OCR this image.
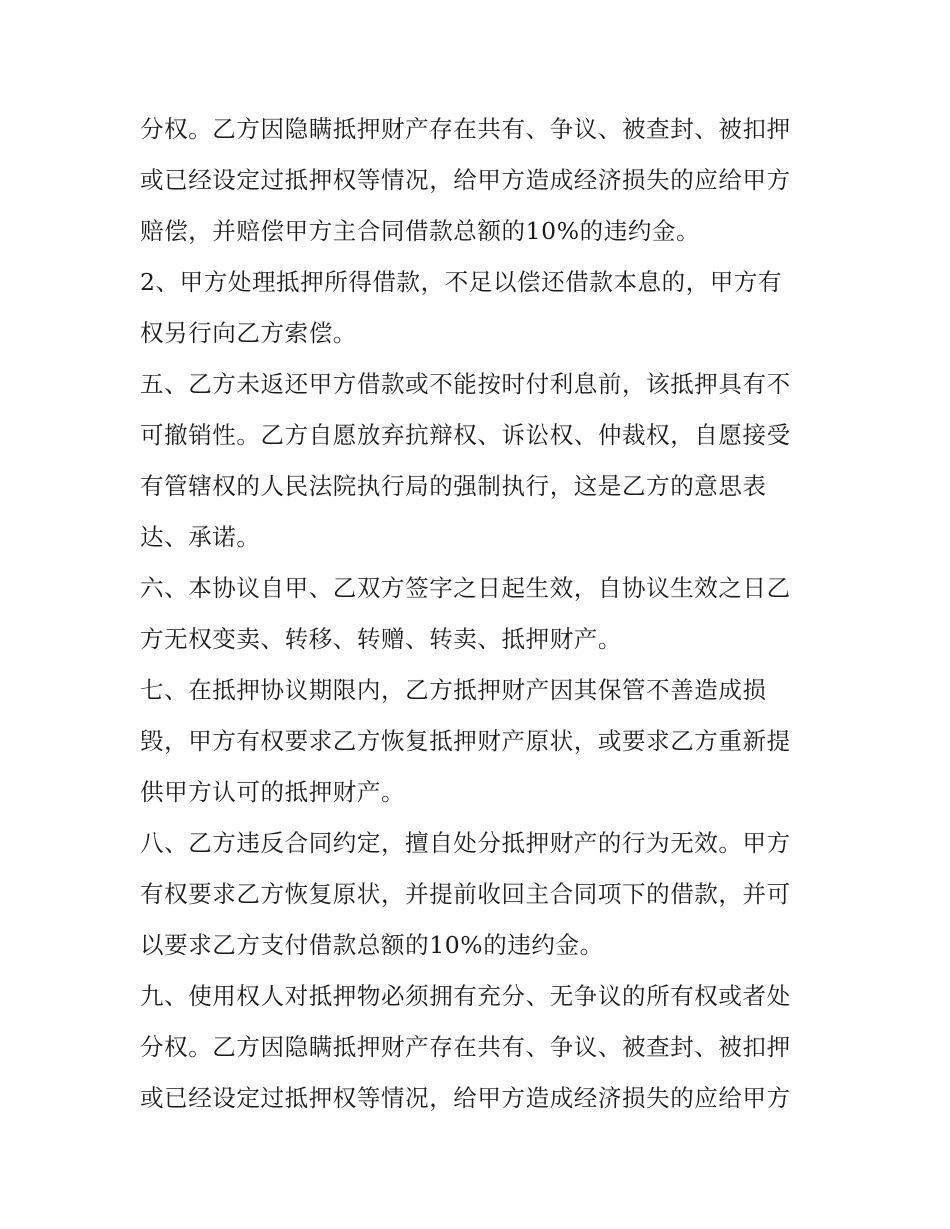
分权。乙方因隐瞒抵押财产存在共有、争议、被查封、被扣押
或已经设定过抵押权等情况，给甲方造成经济损失的应给甲方
赔偿，并赔偿甲方主合同借款总额的10%的违约金。

2、甲方处理抵押所得借款，不足以偿还借款本息的，甲方有
权另行向乙方索偿。

五、乙方未返还甲方借款或不能按时付利息前，该抵押具有不
可撤销性。乙方自愿放弃抗辩权、诉讼权、仲裁权，自愿接受
有管辖权的人民法院执行局的强制执行，这是乙方的意思表
达、承诺。

六、本协议自甲、乙双方签字之日起生效，自协议生效之日乙
方无权变卖、转移、转赠、转卖、抵押财产。

七、在抵押协议期限内，乙方抵押财产因其保管不善造成损
毁，甲方有权要求乙方恢复抵押财产原状，或要求乙方重新提
供甲方认可的抵押财产。

八、乙方违反合同约定，擅自处分抵押财产的行为无效。甲方
有权要求乙方恢复原状，并提前收回主合同项下的借款，并可
以要求乙方支付借款总额的10%的违约金。

九、使用权人对抵押物必须拥有充分、无争议的所有权或者处
分权。乙方因隐瞒抵押财产存在共有、争议、被查封、被扣押
或已经设定过抵押权等情况，给甲方造成经济损失的应给甲方
